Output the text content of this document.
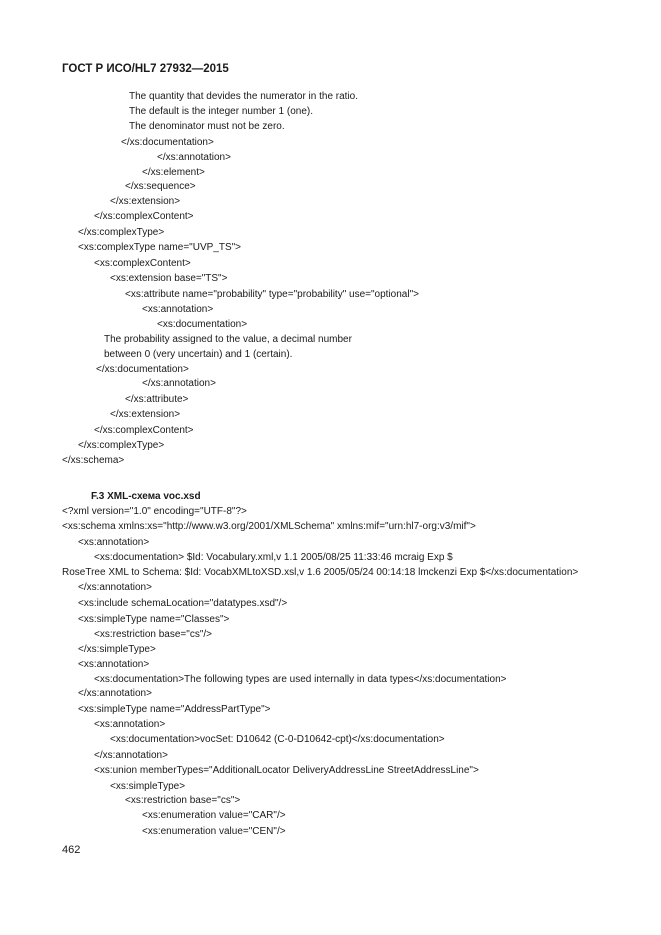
ГОСТ Р ИСО/HL7 27932—2015
The quantity that devides the numerator in the ratio.
The default is the integer number 1 (one).
The denominator must not be zero.
</xs:documentation>
</xs:annotation>
</xs:element>
</xs:sequence>
</xs:extension>
</xs:complexContent>
</xs:complexType>
<xs:complexType name="UVP_TS">
<xs:complexContent>
<xs:extension base="TS">
<xs:attribute name="probability" type="probability" use="optional">
<xs:annotation>
<xs:documentation>
The probability assigned to the value, a decimal number
between 0 (very uncertain) and 1 (certain).
</xs:documentation>
</xs:annotation>
</xs:attribute>
</xs:extension>
</xs:complexContent>
</xs:complexType>
</xs:schema>
F.3 XML-схема voc.xsd
<?xml version="1.0" encoding="UTF-8"?>
<xs:schema xmlns:xs="http://www.w3.org/2001/XMLSchema" xmlns:mif="urn:hl7-org:v3/mif">
<xs:annotation>
<xs:documentation> $Id: Vocabulary.xml,v 1.1 2005/08/25 11:33:46 mcraig Exp $
RoseTree XML to Schema: $Id: VocabXMLtoXSD.xsl,v 1.6 2005/05/24 00:14:18 lmckenzi Exp $</xs:documentation>
</xs:annotation>
<xs:include schemaLocation="datatypes.xsd"/>
<xs:simpleType name="Classes">
<xs:restriction base="cs"/>
</xs:simpleType>
<xs:annotation>
<xs:documentation>The following types are used internally in data types</xs:documentation>
</xs:annotation>
<xs:simpleType name="AddressPartType">
<xs:annotation>
<xs:documentation>vocSet: D10642 (C-0-D10642-cpt)</xs:documentation>
</xs:annotation>
<xs:union memberTypes="AdditionalLocator DeliveryAddressLine StreetAddressLine">
<xs:simpleType>
<xs:restriction base="cs">
<xs:enumeration value="CAR"/>
<xs:enumeration value="CEN"/>
462
